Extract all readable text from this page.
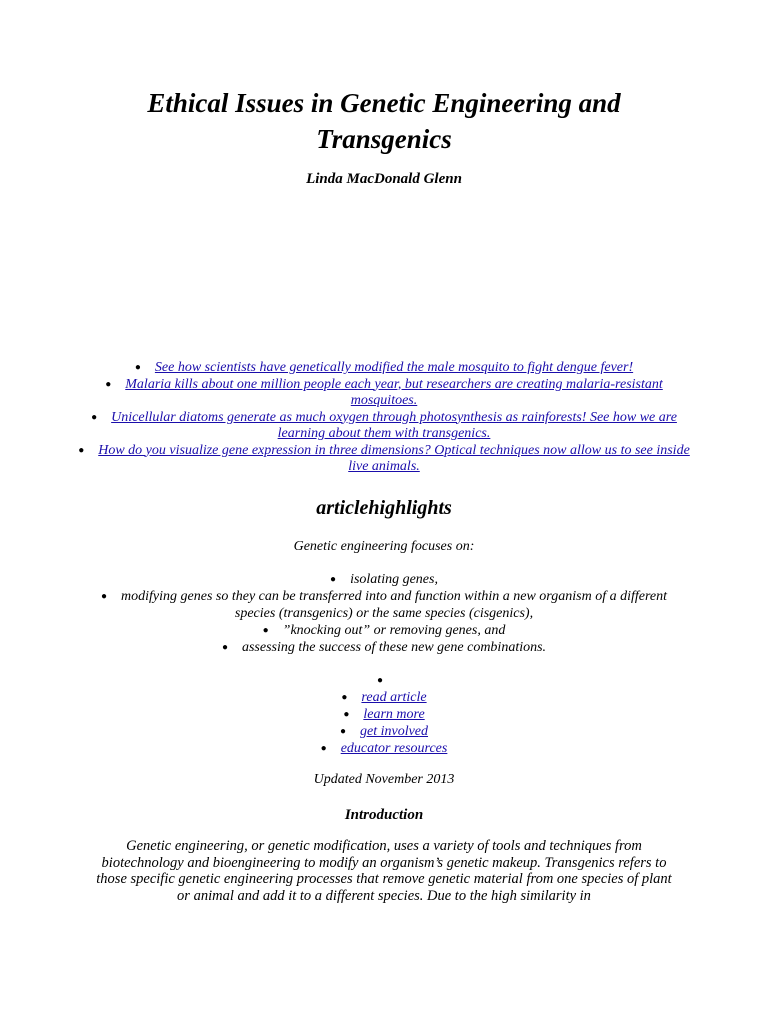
Ethical Issues in Genetic Engineering and Transgenics
Linda MacDonald Glenn
● See how scientists have genetically modified the male mosquito to fight dengue fever!
● Malaria kills about one million people each year, but researchers are creating malaria-resistant mosquitoes.
● Unicellular diatoms generate as much oxygen through photosynthesis as rainforests! See how we are learning about them with transgenics.
● How do you visualize gene expression in three dimensions? Optical techniques now allow us to see inside live animals.
articlehighlights
Genetic engineering focuses on:
● isolating genes,
● modifying genes so they can be transferred into and function within a new organism of a different species (transgenics) or the same species (cisgenics),
● ”knocking out” or removing genes, and
● assessing the success of these new gene combinations.
●
● read article
● learn more
● get involved
● educator resources
Updated November 2013
Introduction

Genetic engineering, or genetic modification, uses a variety of tools and techniques from biotechnology and bioengineering to modify an organism’s genetic makeup. Transgenics refers to those specific genetic engineering processes that remove genetic material from one species of plant or animal and add it to a different species. Due to the high similarity in
